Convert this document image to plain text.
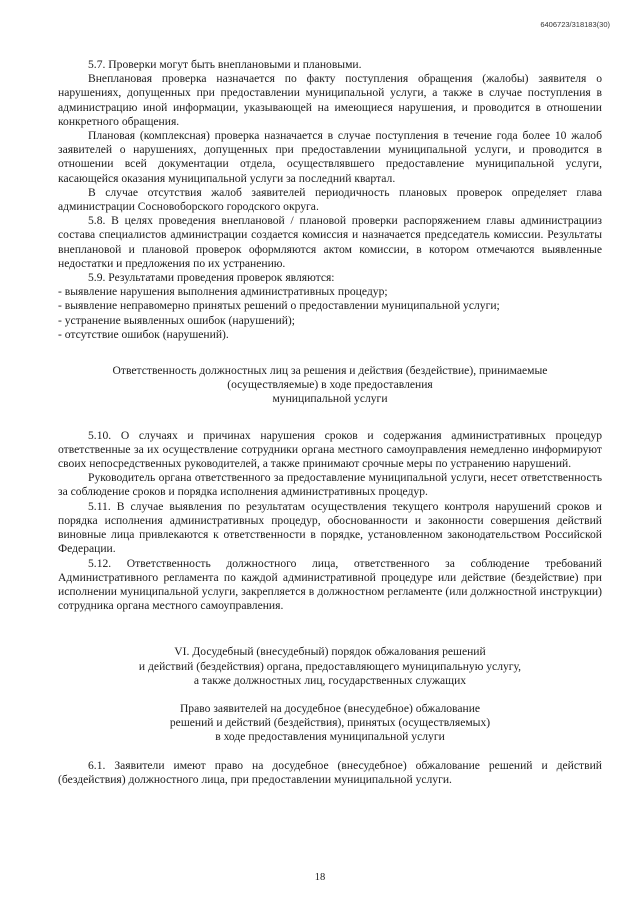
6406723/318183(30)

5.7. Проверки могут быть внеплановыми и плановыми.

Внеплановая проверка назначается по факту поступления обращения (жалобы) заявителя о нарушениях, допущенных при предоставлении муниципальной услуги, а также в случае поступления в администрацию иной информации, указывающей на имеющиеся нарушения, и проводится в отношении конкретного обращения.

Плановая (комплексная) проверка назначается в случае поступления в течение года более 10 жалоб заявителей о нарушениях, допущенных при предоставлении муниципальной услуги, и проводится в отношении всей документации отдела, осуществлявшего предоставление муниципальной услуги, касающейся оказания муниципальной услуги за последний квартал.

В случае отсутствия жалоб заявителей периодичность плановых проверок определяет глава администрации Сосновоборского городского округа.

5.8. В целях проведения внеплановой / плановой проверки распоряжением главы администрацииз состава специалистов администрации создается комиссия и назначается председатель комиссии. Результаты внеплановой и плановой проверок оформляются актом комиссии, в котором отмечаются выявленные недостатки и предложения по их устранению.

5.9. Результатами проведения проверок являются:

- выявление нарушения выполнения административных процедур;

- выявление неправомерно принятых решений о предоставлении муниципальной услуги;

- устранение выявленных ошибок (нарушений);

- отсутствие ошибок (нарушений).

Ответственность должностных лиц за решения и действия (бездействие), принимаемые

(осуществляемые) в ходе предоставления

муниципальной услуги

5.10. О случаях и причинах нарушения сроков и содержания административных процедур ответственные за их осуществление сотрудники органа местного самоуправления немедленно информируют своих непосредственных руководителей, а также принимают срочные меры по устранению нарушений.

Руководитель органа ответственного за предоставление муниципальной услуги, несет ответственность за соблюдение сроков и порядка исполнения административных процедур.

5.11. В случае выявления по результатам осуществления текущего контроля нарушений сроков и порядка исполнения административных процедур, обоснованности и законности совершения действий виновные лица привлекаются к ответственности в порядке, установленном законодательством Российской Федерации.

5.12. Ответственность должностного лица, ответственного за соблюдение требований Административного регламента по каждой административной процедуре или действие (бездействие) при исполнении муниципальной услуги, закрепляется в должностном регламенте (или должностной инструкции) сотрудника органа местного самоуправления.

VI. Досудебный (внесудебный) порядок обжалования решений

и действий (бездействия) органа, предоставляющего муниципальную услугу,

а также должностных лиц, государственных служащих

Право заявителей на досудебное (внесудебное) обжалование

решений и действий (бездействия), принятых (осуществляемых)

в ходе предоставления муниципальной услуги

6.1. Заявители имеют право на досудебное (внесудебное) обжалование решений и действий (бездействия) должностного лица, при предоставлении муниципальной услуги.

18
